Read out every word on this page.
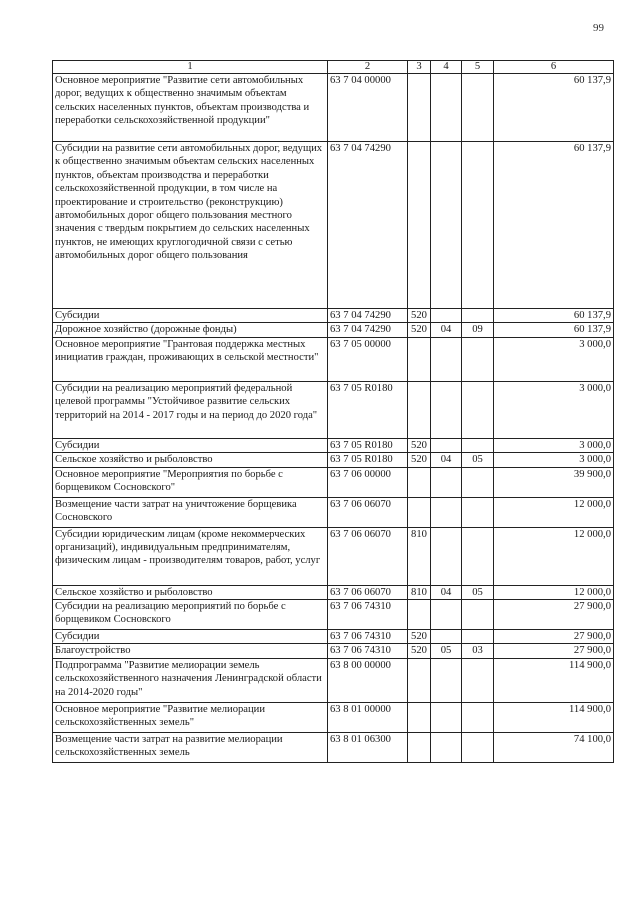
99
1	2	3	4	5	6
Основное мероприятие "Развитие сети автомобильных дорог, ведущих к общественно значимым объектам сельских населенных пунктов, объектам производства и переработки сельскохозяйственной продукции"	63 7 04 00000				60 137,9
Субсидии на развитие сети автомобильных дорог, ведущих к общественно значимым объектам сельских населенных пунктов, объектам производства и переработки сельскохозяйственной продукции, в том числе на проектирование и строительство (реконструкцию) автомобильных дорог общего пользования местного значения с твердым покрытием до сельских населенных пунктов, не имеющих круглогодичной связи с сетью автомобильных дорог общего пользования	63 7 04 74290				60 137,9
Субсидии	63 7 04 74290	520			60 137,9
Дорожное хозяйство (дорожные фонды)	63 7 04 74290	520	04	09	60 137,9
Основное мероприятие "Грантовая поддержка местных инициатив граждан, проживающих в сельской местности"	63 7 05 00000				3 000,0
Субсидии на реализацию мероприятий федеральной целевой программы "Устойчивое развитие сельских территорий на 2014 - 2017 годы и на период до 2020 года"	63 7 05 R0180				3 000,0
Субсидии	63 7 05 R0180	520			3 000,0
Сельское хозяйство и рыболовство	63 7 05 R0180	520	04	05	3 000,0
Основное мероприятие "Мероприятия по борьбе с борщевиком Сосновского"	63 7 06 00000				39 900,0
Возмещение части затрат на уничтожение борщевика Сосновского	63 7 06 06070				12 000,0
Субсидии юридическим лицам (кроме некоммерческих организаций), индивидуальным предпринимателям, физическим лицам - производителям товаров, работ, услуг	63 7 06 06070	810			12 000,0
Сельское хозяйство и рыболовство	63 7 06 06070	810	04	05	12 000,0
Субсидии на реализацию мероприятий по борьбе с борщевиком Сосновского	63 7 06 74310				27 900,0
Субсидии	63 7 06 74310	520			27 900,0
Благоустройство	63 7 06 74310	520	05	03	27 900,0
Подпрограмма "Развитие мелиорации земель сельскохозяйственного назначения Ленинградской области на 2014-2020 годы"	63 8 00 00000				114 900,0
Основное мероприятие "Развитие мелиорации сельскохозяйственных земель"	63 8 01 00000				114 900,0
Возмещение части затрат на развитие мелиорации сельскохозяйственных земель	63 8 01 06300				74 100,0
